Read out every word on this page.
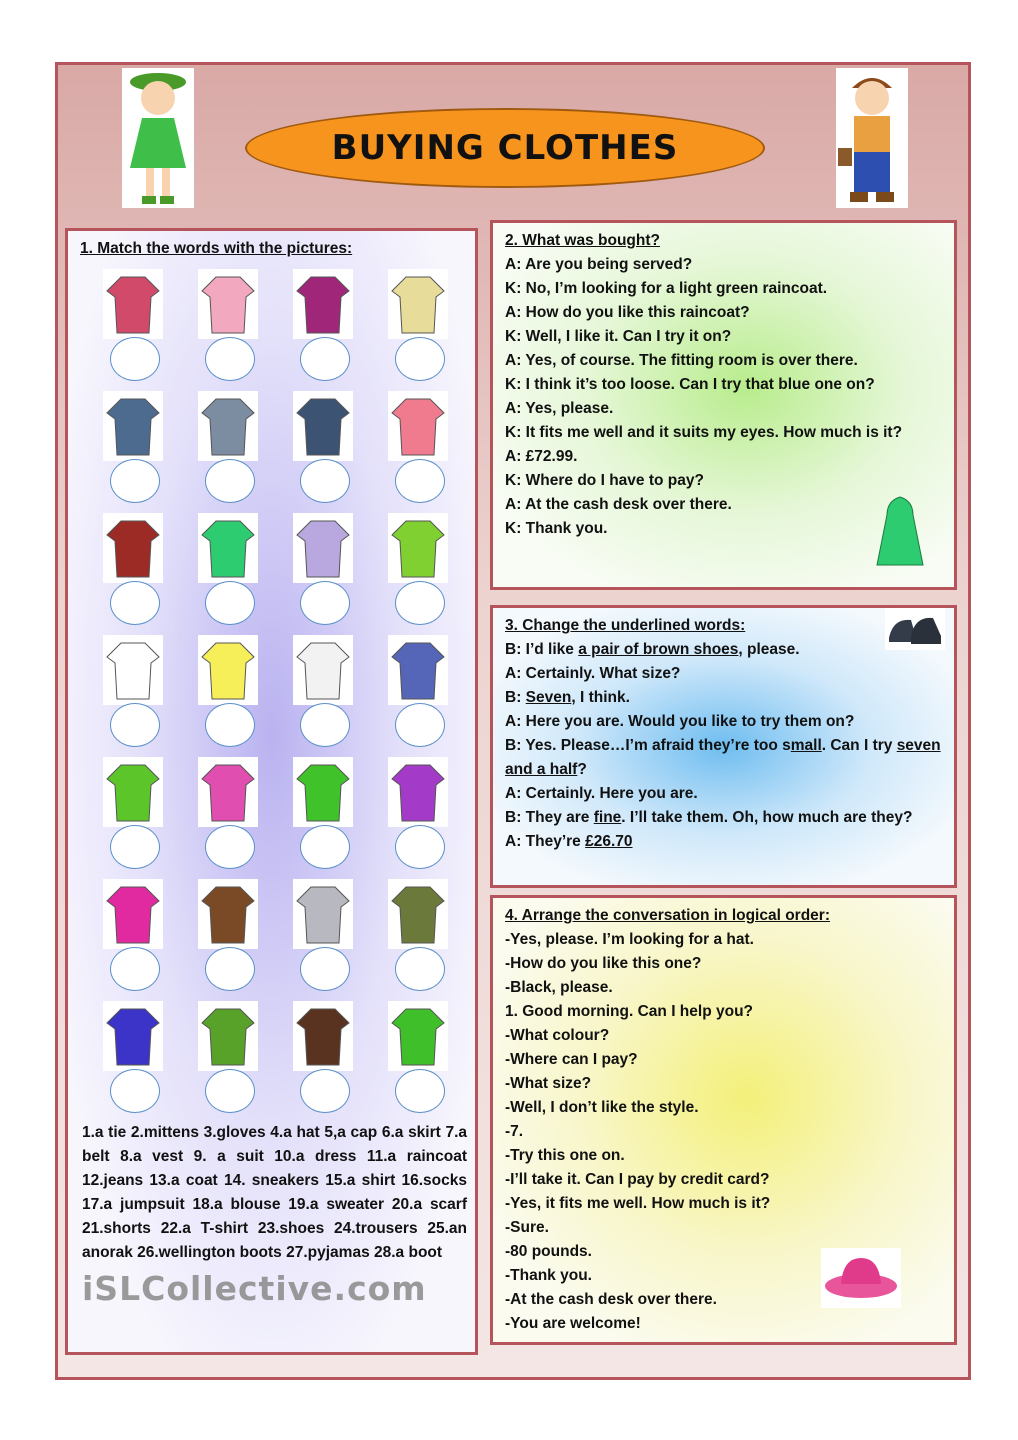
BUYING CLOTHES
1. Match the words with the pictures:
1.a tie 2.mittens 3.gloves 4.a hat 5,a cap 6.a skirt 7.a belt 8.a vest 9. a suit 10.a dress 11.a raincoat 12.jeans 13.a coat 14. sneakers 15.a shirt 16.socks 17.a jumpsuit 18.a blouse 19.a sweater 20.a scarf 21.shorts 22.a T-shirt 23.shoes 24.trousers 25.an anorak 26.wellington boots 27.pyjamas 28.a boot
iSLCollective.com
2. What was bought?
A: Are you being served?
K: No, I’m looking for a light green raincoat.
A: How do you like this raincoat?
K: Well, I like it. Can I try it on?
A: Yes, of course. The fitting room is over there.
K: I think it’s too loose. Can I try that blue one on?
A: Yes, please.
K: It fits me well and it suits my eyes. How much is it?
A: £72.99.
K: Where do I have to pay?
A: At the cash desk over there.
K: Thank you.
3. Change the underlined words:
B: I’d like a pair of brown shoes, please.
A: Certainly. What size?
B: Seven, I think.
A: Here you are. Would you like to try them on?
B: Yes. Please…I’m afraid they’re too small. Can I try seven and a half?
A: Certainly. Here you are.
B: They are fine. I’ll take them. Oh, how much are they?
A: They’re £26.70
4. Arrange the conversation in logical order:
-Yes, please. I’m looking for a hat.
-How do you like this one?
-Black, please.
1. Good morning. Can I help you?
-What colour?
-Where can I pay?
-What size?
-Well, I don’t like the style.
-7.
-Try this one on.
-I’ll take it. Can I pay by credit card?
-Yes, it fits me well. How much is it?
-Sure.
-80 pounds.
-Thank you.
-At the cash desk over there.
-You are welcome!
